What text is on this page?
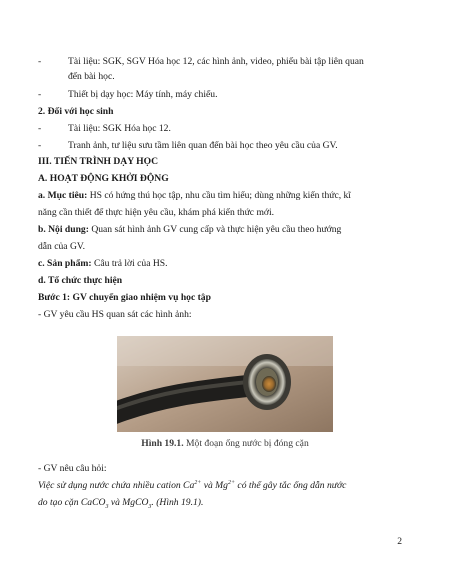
-	Tài liệu: SGK, SGV Hóa học 12, các hình ảnh, video, phiếu bài tập liên quan
đến bài học.
-	Thiết bị dạy học: Máy tính, máy chiếu.
2. Đối với học sinh
-	Tài liệu: SGK Hóa học 12.
-	Tranh ảnh, tư liệu sưu tầm liên quan đến bài học theo yêu cầu của GV.
III. TIẾN TRÌNH DẠY HỌC
A. HOẠT ĐỘNG KHỞI ĐỘNG
a. Mục tiêu: HS có hứng thú học tập, nhu cầu tìm hiểu; dùng những kiến thức, kĩ
năng cần thiết để thực hiện yêu cầu, khám phá kiến thức mới.
b. Nội dung: Quan sát hình ảnh GV cung cấp và thực hiện yêu cầu theo hướng
dẫn của GV.
c. Sản phẩm: Câu trả lời của HS.
d. Tổ chức thực hiện
Bước 1: GV chuyển giao nhiệm vụ học tập
- GV yêu cầu HS quan sát các hình ảnh:
Hình 19.1. Một đoạn ống nước bị đóng cặn
- GV nêu câu hỏi:
Việc sử dụng nước chứa nhiều cation $Ca^{2+}$ và $Mg^{2+}$ có thể gây tắc ống dẫn nước
do tạo cặn CaCO$_3$ và MgCO$_3$. (Hình 19.1).
2
